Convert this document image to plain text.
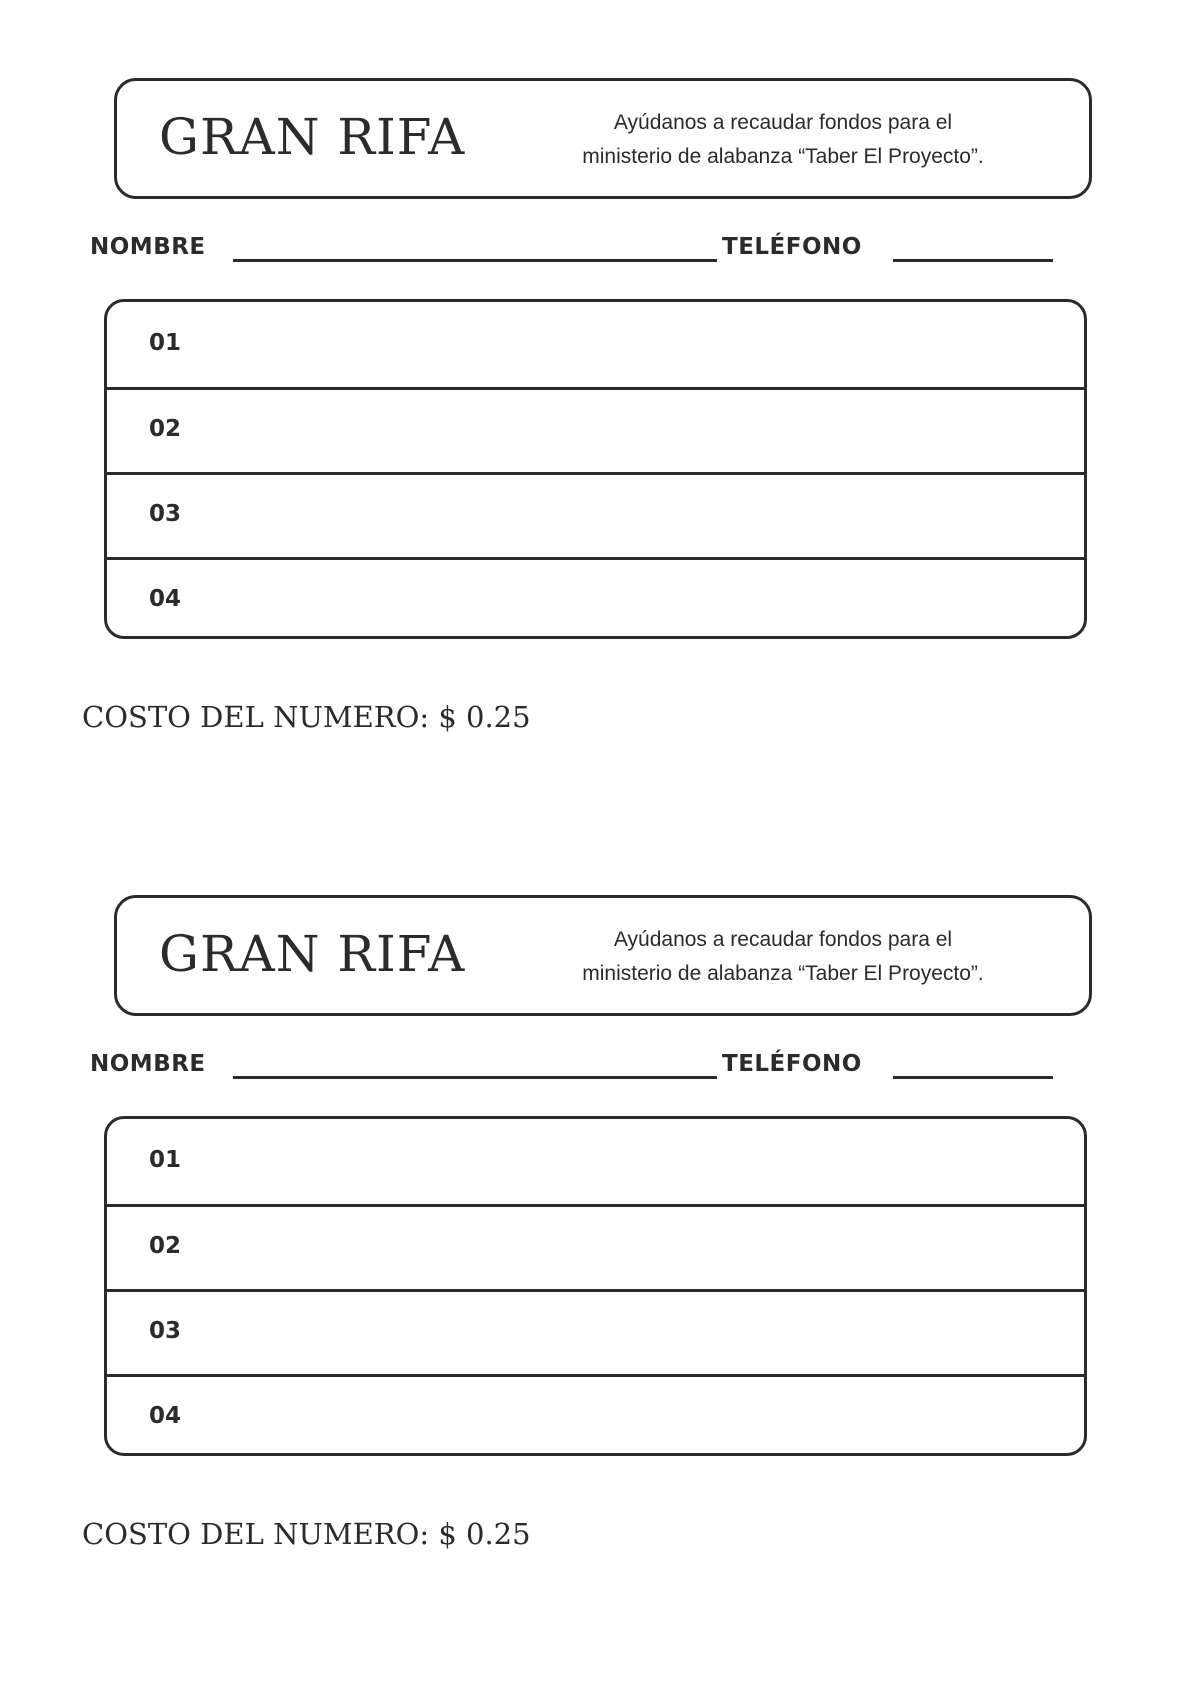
GRAN RIFA	Ayúdanos a recaudar fondos para el
ministerio de alabanza “Taber El Proyecto”.
NOMBRE	TELÉFONO
01
02
03
04
COSTO DEL NUMERO: $ 0.25
GRAN RIFA	Ayúdanos a recaudar fondos para el
ministerio de alabanza “Taber El Proyecto”.
NOMBRE	TELÉFONO
01
02
03
04
COSTO DEL NUMERO: $ 0.25
